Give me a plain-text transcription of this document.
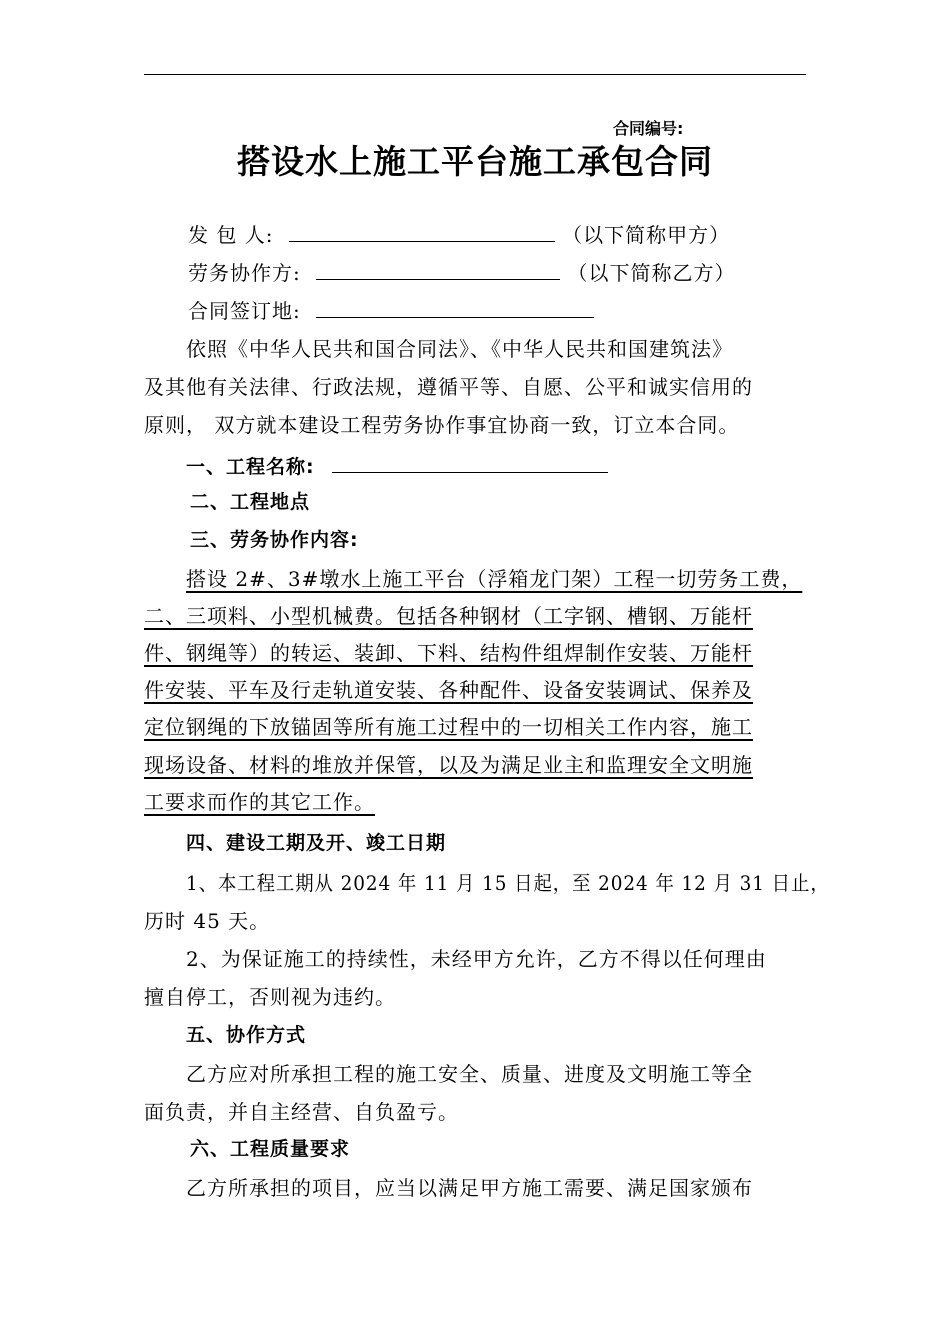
合同编号:
搭设水上施工平台施工承包合同
发 包 人:	（以下简称甲方）
劳务协作方:	（以下简称乙方）
合同签订地:
依照《中华人民共和国合同法》、《中华人民共和国建筑法》
及其他有关法律、行政法规，遵循平等、自愿、公平和诚实信用的
原则， 双方就本建设工程劳务协作事宜协商一致，订立本合同。
一、工程名称:
二、工程地点
三、劳务协作内容:
搭设 2#、3#墩水上施工平台（浮箱龙门架）工程一切劳务工费，
二、三项料、小型机械费。包括各种钢材（工字钢、槽钢、万能杆
件、钢绳等）的转运、装卸、下料、结构件组焊制作安装、万能杆
件安装、平车及行走轨道安装、各种配件、设备安装调试、保养及
定位钢绳的下放锚固等所有施工过程中的一切相关工作内容，施工
现场设备、材料的堆放并保管，以及为满足业主和监理安全文明施
工要求而作的其它工作。
四、建设工期及开、竣工日期
1、本工程工期从 2024 年 11 月 15 日起，至 2024 年 12 月 31 日止，
历时 45 天。
2、为保证施工的持续性，未经甲方允许，乙方不得以任何理由
擅自停工，否则视为违约。
五、协作方式
乙方应对所承担工程的施工安全、质量、进度及文明施工等全
面负责，并自主经营、自负盈亏。
六、工程质量要求
乙方所承担的项目，应当以满足甲方施工需要、满足国家颁布
